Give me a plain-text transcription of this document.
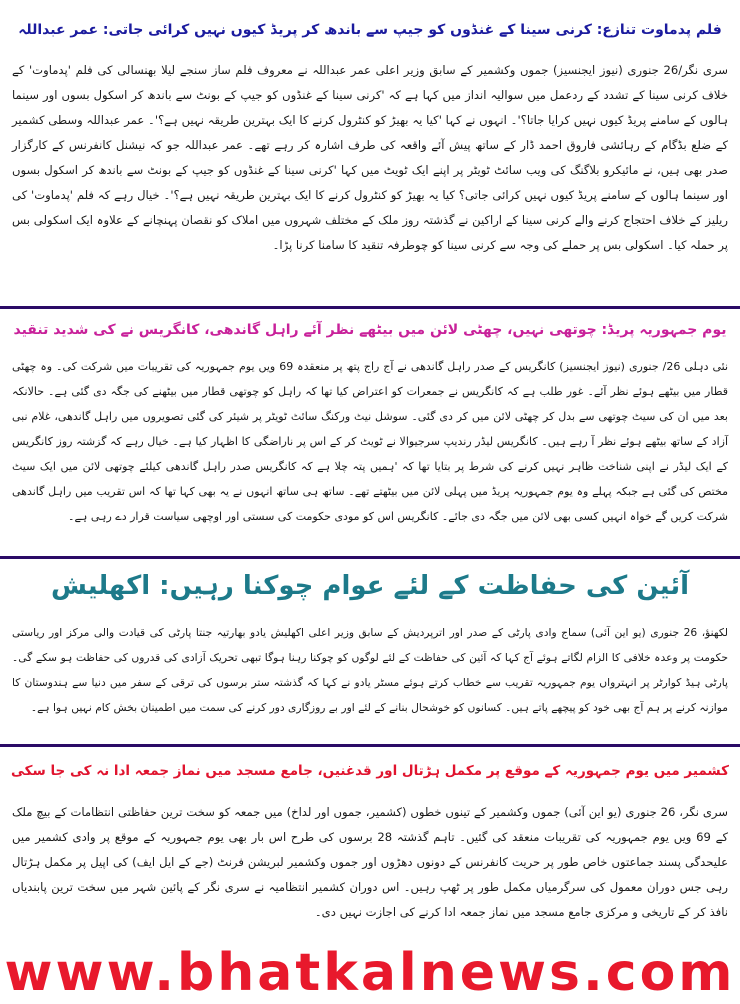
فلم پدماوت تنازع: کرنی سینا کے غنڈوں کو جیپ سے باندھ کر پریڈ کیوں نہیں کرائی جاتی: عمر عبداللہ

سری نگر/26 جنوری (نیوز ایجنسیز) جموں وکشمیر کے سابق وزیر اعلی عمر عبداللہ نے معروف فلم ساز سنجے لیلا بھنسالی کی فلم 'پدماوت' کے خلاف کرنی سینا کے تشدد کے ردعمل میں سوالیہ انداز میں کہا ہے کہ 'کرنی سینا کے غنڈوں کو جیپ کے بونٹ سے باندھ کر اسکول بسوں اور سینما ہالوں کے سامنے پریڈ کیوں نہیں کرایا جاتا؟'۔ انہوں نے کہا 'کیا یہ بھیڑ کو کنٹرول کرنے کا ایک بہترین طریقہ نہیں ہے؟'۔ عمر عبداللہ وسطی کشمیر کے ضلع بڈگام کے رہائشی فاروق احمد ڈار کے ساتھ پیش آئے واقعہ کی طرف اشارہ کر رہے تھے۔ عمر عبداللہ جو کہ نیشنل کانفرنس کے کارگزار صدر بھی ہیں، نے مائیکرو بلاگنگ کی ویب سائٹ ٹویٹر پر اپنے ایک ٹویٹ میں کہا 'کرنی سینا کے غنڈوں کو جیپ کے بونٹ سے باندھ کر اسکول بسوں اور سینما ہالوں کے سامنے پریڈ کیوں نہیں کرائی جاتی؟ کیا یہ بھیڑ کو کنٹرول کرنے کا ایک بہترین طریقہ نہیں ہے؟'۔ خیال رہے کہ فلم 'پدماوت' کی ریلیز کے خلاف احتجاج کرنے والے کرنی سینا کے اراکین نے گذشتہ روز ملک کے مختلف شہروں میں املاک کو نقصان پہنچانے کے علاوہ ایک اسکولی بس پر حملہ کیا۔ اسکولی بس پر حملے کی وجہ سے کرنی سینا کو چوطرفہ تنقید کا سامنا کرنا پڑا۔

یوم جمہوریہ پریڈ: چوتھی نہیں، چھٹی لائن میں بیٹھے نظر آئے راہل گاندھی، کانگریس نے کی شدید تنقید

نئی دہلی 26/ جنوری (نیوز ایجنسیز) کانگریس کے صدر راہل گاندھی نے آج راج پتھ پر منعقدہ 69 ویں یوم جمہوریہ کی تقریبات میں شرکت کی۔ وہ چھٹی قطار میں بیٹھے ہوئے نظر آئے۔ غور طلب ہے کہ کانگریس نے جمعرات کو اعتراض کیا تھا کہ راہل کو چوتھی قطار میں بیٹھنے کی جگہ دی گئی ہے۔ حالانکہ بعد میں ان کی سیٹ چوتھی سے بدل کر چھٹی لائن میں کر دی گئی۔ سوشل نیٹ ورکنگ سائٹ ٹویٹر پر شیئر کی گئی تصویروں میں راہل گاندھی، غلام نبی آزاد کے ساتھ بیٹھے ہوئے نظر آ رہے ہیں۔ کانگریس لیڈر رندیپ سرجیوالا نے ٹویٹ کر کے اس پر ناراضگی کا اظہار کیا ہے۔ خیال رہے کہ گزشتہ روز کانگریس کے ایک لیڈر نے اپنی شناخت ظاہر نہیں کرنے کی شرط پر بتایا تھا کہ 'ہمیں پتہ چلا ہے کہ کانگریس صدر راہل گاندھی کیلئے چوتھی لائن میں ایک سیٹ مختص کی گئی ہے جبکہ پہلے وہ یوم جمہوریہ پریڈ میں پہلی لائن میں بیٹھتے تھے۔ ساتھ ہی ساتھ انہوں نے یہ بھی کہا تھا کہ اس تقریب میں راہل گاندھی شرکت کریں گے خواہ انہیں کسی بھی لائن میں جگہ دی جائے۔ کانگریس اس کو مودی حکومت کی سستی اور اوچھی سیاست قرار دے رہی ہے۔

آئین کی حفاظت کے لئے عوام چوکنا رہیں: اکھلیش

لکھنؤ، 26 جنوری (یو این آئی) سماج وادی پارٹی کے صدر اور اترپردیش کے سابق وزیر اعلی اکھلیش یادو بھارتیہ جنتا پارٹی کی قیادت والی مرکز اور ریاستی حکومت پر وعدہ خلافی کا الزام لگاتے ہوئے آج کہا کہ آئین کی حفاظت کے لئے لوگوں کو چوکنا رہنا ہوگا تبھی تحریک آزادی کی قدروں کی حفاظت ہو سکے گی۔ پارٹی ہیڈ کوارٹر پر انہترواں یوم جمہوریہ تقریب سے خطاب کرتے ہوئے مسٹر یادو نے کہا کہ گذشتہ ستر برسوں کی ترقی کے سفر میں دنیا سے ہندوستان کا موازنہ کرنے پر ہم آج بھی خود کو پیچھے پاتے ہیں۔ کسانوں کو خوشحال بنانے کے لئے اور بے روزگاری دور کرنے کی سمت میں اطمینان بخش کام نہیں ہوا ہے۔

کشمیر میں یوم جمہوریہ کے موقع پر مکمل ہڑتال اور قدغنیں، جامع مسجد میں نماز جمعہ ادا نہ کی جا سکی

سری نگر، 26 جنوری (یو این آئی) جموں وکشمیر کے تینوں خطوں (کشمیر، جموں اور لداخ) میں جمعہ کو سخت ترین حفاظتی انتظامات کے بیچ ملک کے 69 ویں یوم جمہوریہ کی تقریبات منعقد کی گئیں۔ تاہم گذشتہ 28 برسوں کی طرح اس بار بھی یوم جمہوریہ کے موقع پر وادی کشمیر میں علیحدگی پسند جماعتوں خاص طور پر حریت کانفرنس کے دونوں دھڑوں اور جموں وکشمیر لبریشن فرنٹ (جے کے ایل ایف) کی اپیل پر مکمل ہڑتال رہی جس دوران معمول کی سرگرمیاں مکمل طور پر ٹھپ رہیں۔ اس دوران کشمیر انتظامیہ نے سری نگر کے پائین شہر میں سخت ترین پابندیاں نافذ کر کے تاریخی و مرکزی جامع مسجد میں نماز جمعہ ادا کرنے کی اجازت نہیں دی۔

www.bhatkalnews.com
